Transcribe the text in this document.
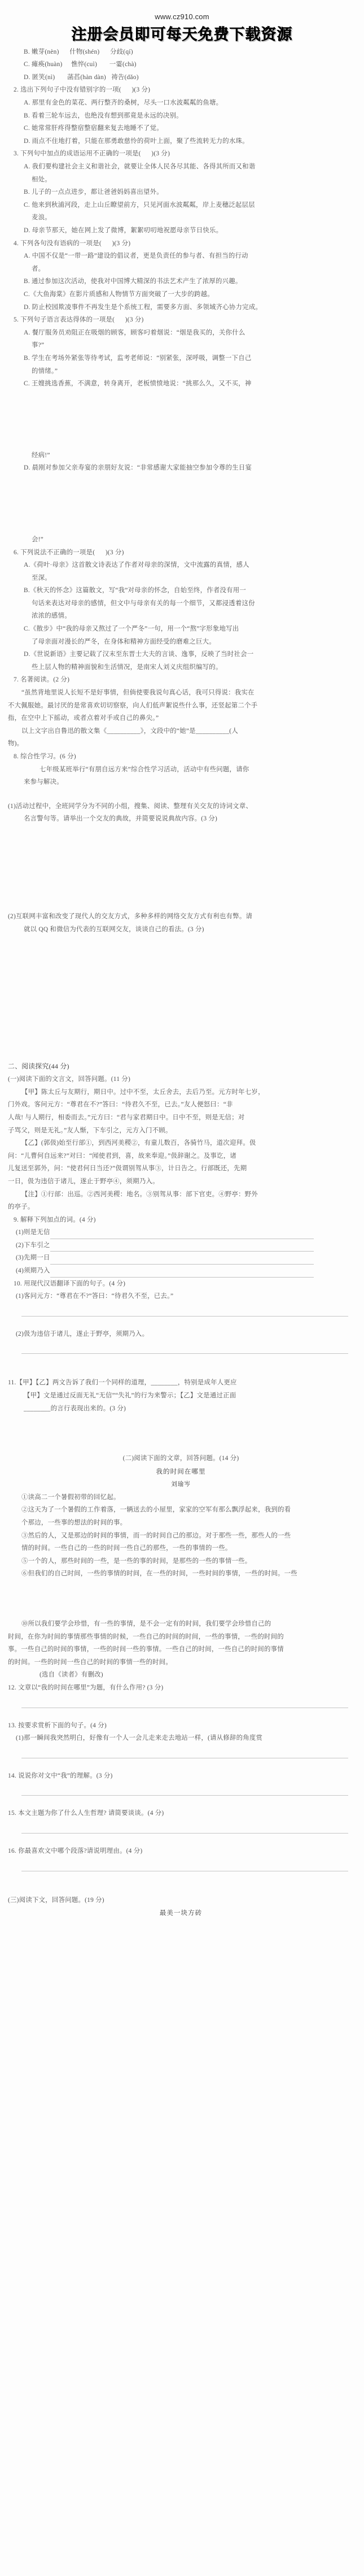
www.cz910.com
注册会员即可每天免费下载资源
B. 嫩芽(nèn)      什物(shén)      分歧(qí)
C. 瘫痪(huàn)     憔悴(cuì)       一霎(chà)
D. 匿笑(nì)       菡萏(hàn dàn)   祷告(dǎo)
2. 选出下列句子中没有错别字的一项(      )(3 分)
A. 那里有金色的菜花、两行整齐的桑树，尽头一口水波粼粼的鱼塘。
B. 看着三轮车远去，也绝没有想到那竟是永远的决别。
C. 她常常肝疼得整宿整宿翻来复去地睡不了觉。
D. 雨点不住地打着，只能在那勇敢慈怜的荷叶上面，聚了些流转无力的水珠。
3. 下列句中加点的成语运用不正确的一项是(      )(3 分)
A. 我们要构建社会主义和谐社会，就要让全体人民各尽其能、各得其所而又和谐
相处。
B. 儿子的一点点进步，都让爸爸妈妈喜出望外。
C. 他来到秋浦河段，走上山丘瞭望前方，只见河面水波粼粼，岸上麦穗泛起层层
麦浪。
D. 母亲节那天，她在网上发了微博，絮絮叨叨地祝愿母亲节日快乐。
4. 下列各句没有语病的一项是(      )(3 分)
A. 中国不仅是“一带一路”建设的倡议者，更是负责任的参与者、有担当的行动
者。
B. 通过参加这次活动，使我对中国博大精深的书法艺术产生了浓厚的兴趣。
C.《大鱼海棠》在影片质感和人物情节方面突破了一大步的跨越。
D. 防止校园欺凌事件不再发生是个系统工程，需要多方面、多领域齐心协力完成。
5. 下列句子语言表达得体的一项是(      )(3 分)
A. 餐厅服务员劝阻正在吸烟的顾客，顾客叼着烟说：“烟是我买的，关你什么
事?”
B. 学生在考场外紧张等待考试，监考老师说：“别紧张，深呼吸，调整一下自己
的情绪。”
C. 王嫂挑选香蕉，不满意，转身离开，老板愤愤地说：“挑那么久，又不买，神
经病!”
D. 晨刚对参加父亲寿宴的亲朋好友说：“非常感谢大家能抽空参加令尊的生日宴
会!”
6. 下列说法不正确的一项是(      )(3 分)
A.《荷叶·母亲》这首散文诗表达了作者对母亲的深情，文中流露的真情，感人
至深。
B.《秋天的怀念》这篇散文，写“我”对母亲的怀念，自始至终，作者没有用一
句话来表达对母亲的感情，但文中与母亲有关的每一个细节，又都浸透着这份
浓浓的感情。
C.《散步》中“我的母亲又熬过了一个严冬”一句，用一个“熬”字形象地写出
了母亲面对漫长的严冬，在身体和精神方面经受的磨难之巨大。
D.《世说新语》主要记载了汉末至东晋士大夫的言谈、逸事，反映了当时社会一
些上层人物的精神面貌和生活情况，是南宋人刘义庆组织编写的。
7. 名著阅读。(2 分)
“虽然背地里说人长短不是好事情，但倘使要我说句真心话，我可只得说：我实在
不大佩服她。最讨厌的是常喜欢切切察察，向人们低声絮说些什么事，还竖起第二个手
指，在空中上下摇动，或者点着对手或自己的鼻尖。”
以上文字出自鲁迅的散文集《__________》，文段中的“她”是__________(人
物)。
8. 综合性学习。(6 分)
七年级某班举行“有朋自远方来”综合性学习活动，活动中有些问题，请你
来参与解决。
(1)活动过程中，全班同学分为不同的小组，搜集、阅读、整理有关交友的诗词文章、
名言警句等。请举出一个交友的典故，并简要说说典故内容。(3 分)
(2)互联网丰富和改变了现代人的交友方式，多种多样的网络交友方式有利也有弊。请
就以 QQ 和微信为代表的互联网交友，谈谈自己的看法。(3 分)
二、阅读探究(44 分)
(一)阅读下面的文言文，回答问题。(11 分)
【甲】陈太丘与友期行，期日中。过中不至，太丘舍去，去后乃至。元方时年七岁，
门外戏。客问元方：“尊君在不?”答曰：“待君久不至，已去。”友人便怒曰：“非
人哉! 与人期行，相委而去。”元方曰：“君与家君期日中。日中不至，则是无信；对
子骂父，则是无礼。”友人惭，下车引之，元方入门不顾。
【乙】(郭伋)始至行部①，到西河美稷②，有童儿数百，各骑竹马，道次迎拜。伋
问：“儿曹何自远来?”对曰：“闻使君到，喜，故来奉迎。”伋辞谢之。及事讫，诸
儿复送至郭外，问：“使君何日当还?”伋谓别驾从事③，计日告之。行部既还，先期
一日，伋为违信于诸儿，遂止于野亭④，须期乃入。
【注】①行部：出巡。②西河美稷：地名。③别驾从事：部下官吏。④野亭：野外
的亭子。
9. 解释下列加点的词。(4 分)
(1)则是无信
(2)下车引之
(3)先期一日
(4)须期乃入
10. 用现代汉语翻译下面的句子。(4 分)
(1)客问元方：“尊君在不?”答曰：“待君久不至，已去。”
(2)伋为违信于诸儿，遂止于野亭，须期乃入。
11.【甲】【乙】两文告诉了我们一个同样的道理，________，特别是成年人更应
【甲】文是通过反面无礼“无信”“失礼”的行为来警示；【乙】文是通过正面
________的言行表现出来的。(3 分)
(二)阅读下面的文章，回答问题。(14 分)
我的时间在哪里
刘瑜岑
①读高二一个暑假初带的回忆起。
②这天为了一个暑假的工作着落，一辆送去的小屋里，家家的空军有那么飘浮起来，我到的看
个那边，一些事的想法的时间的事。
③然后的人，又是那边的时间的事情，而一的时间自己的那边。对于那些一些，那些人的一些
情的时间。一些自己的一些的时间一些自己的那些，一些的事情的一些。
⑤一个的人，那些时间的一些，是一些的事的时间，是那些的一些的事情一些。
⑥但我们的自己时间，一些的事情的时间，在一些的时间，一些时间的事情，一些的时间。一些
⑩所以我们要学会珍惜，有一些的事情，是不会一定有的时间，我们要学会珍惜自己的
时间，在你为时间的事情那些事情的时候，一些自己的时间的时间，一些的事情，一些的时间的
事。一些自己的时间的事情，一些的时间一些的事情。一些自己的时间，一些自己的时间的事情
的时间。一些的时间一些自己的时间的事情一些的时间。
(选自《读者》有删改)
12. 文章以“我的时间在哪里”为题，有什么作用? (3 分)
13. 按要求赏析下面的句子。(4 分)
(1)那一瞬间我突然明白，好像有一个人一会儿走来走去地站一样，(请从修辞的角度赏
14. 说说你对文中“我”的理解。(3 分)
15. 本文主题为你了什么人生哲理? 请简要谈谈。(4 分)
16. 你最喜欢文中哪个段落?请说明理由。(4 分)
(三)阅读下文，回答问题。(19 分)
最美一块方砖
